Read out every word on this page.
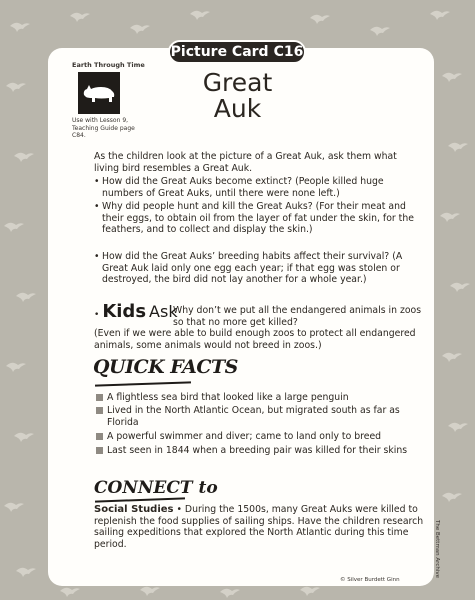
Picture Card C16
Earth Through Time
Use with Lesson 9,
Teaching Guide page C84.
Great
Auk
As the children look at the picture of a Great Auk, ask them what living bird resembles a Great Auk.
• How did the Great Auks become extinct? (People killed huge numbers of Great Auks, until there were none left.)
• Why did people hunt and kill the Great Auks? (For their meat and their eggs, to obtain oil from the layer of fat under the skin, for the feathers, and to collect and display the skin.)
• How did the Great Auks’ breeding habits affect their survival? (A Great Auk laid only one egg each year; if that egg was stolen or destroyed, the bird did not lay another for a whole year.)
• Kids Ask
Why don’t we put all the endangered animals in zoos so that no more get killed?
(Even if we were able to build enough zoos to protect all endangered animals, some animals would not breed in zoos.)
QUICK FACTS
A flightless sea bird that looked like a large penguin
Lived in the North Atlantic Ocean, but migrated south as far as Florida
A powerful swimmer and diver; came to land only to breed
Last seen in 1844 when a breeding pair was killed for their skins
CONNECT to
Social Studies • During the 1500s, many Great Auks were killed to replenish the food supplies of sailing ships. Have the children research sailing expeditions that explored the North Atlantic during this time period.
© Silver Burdett Ginn
The Bettman Archive
